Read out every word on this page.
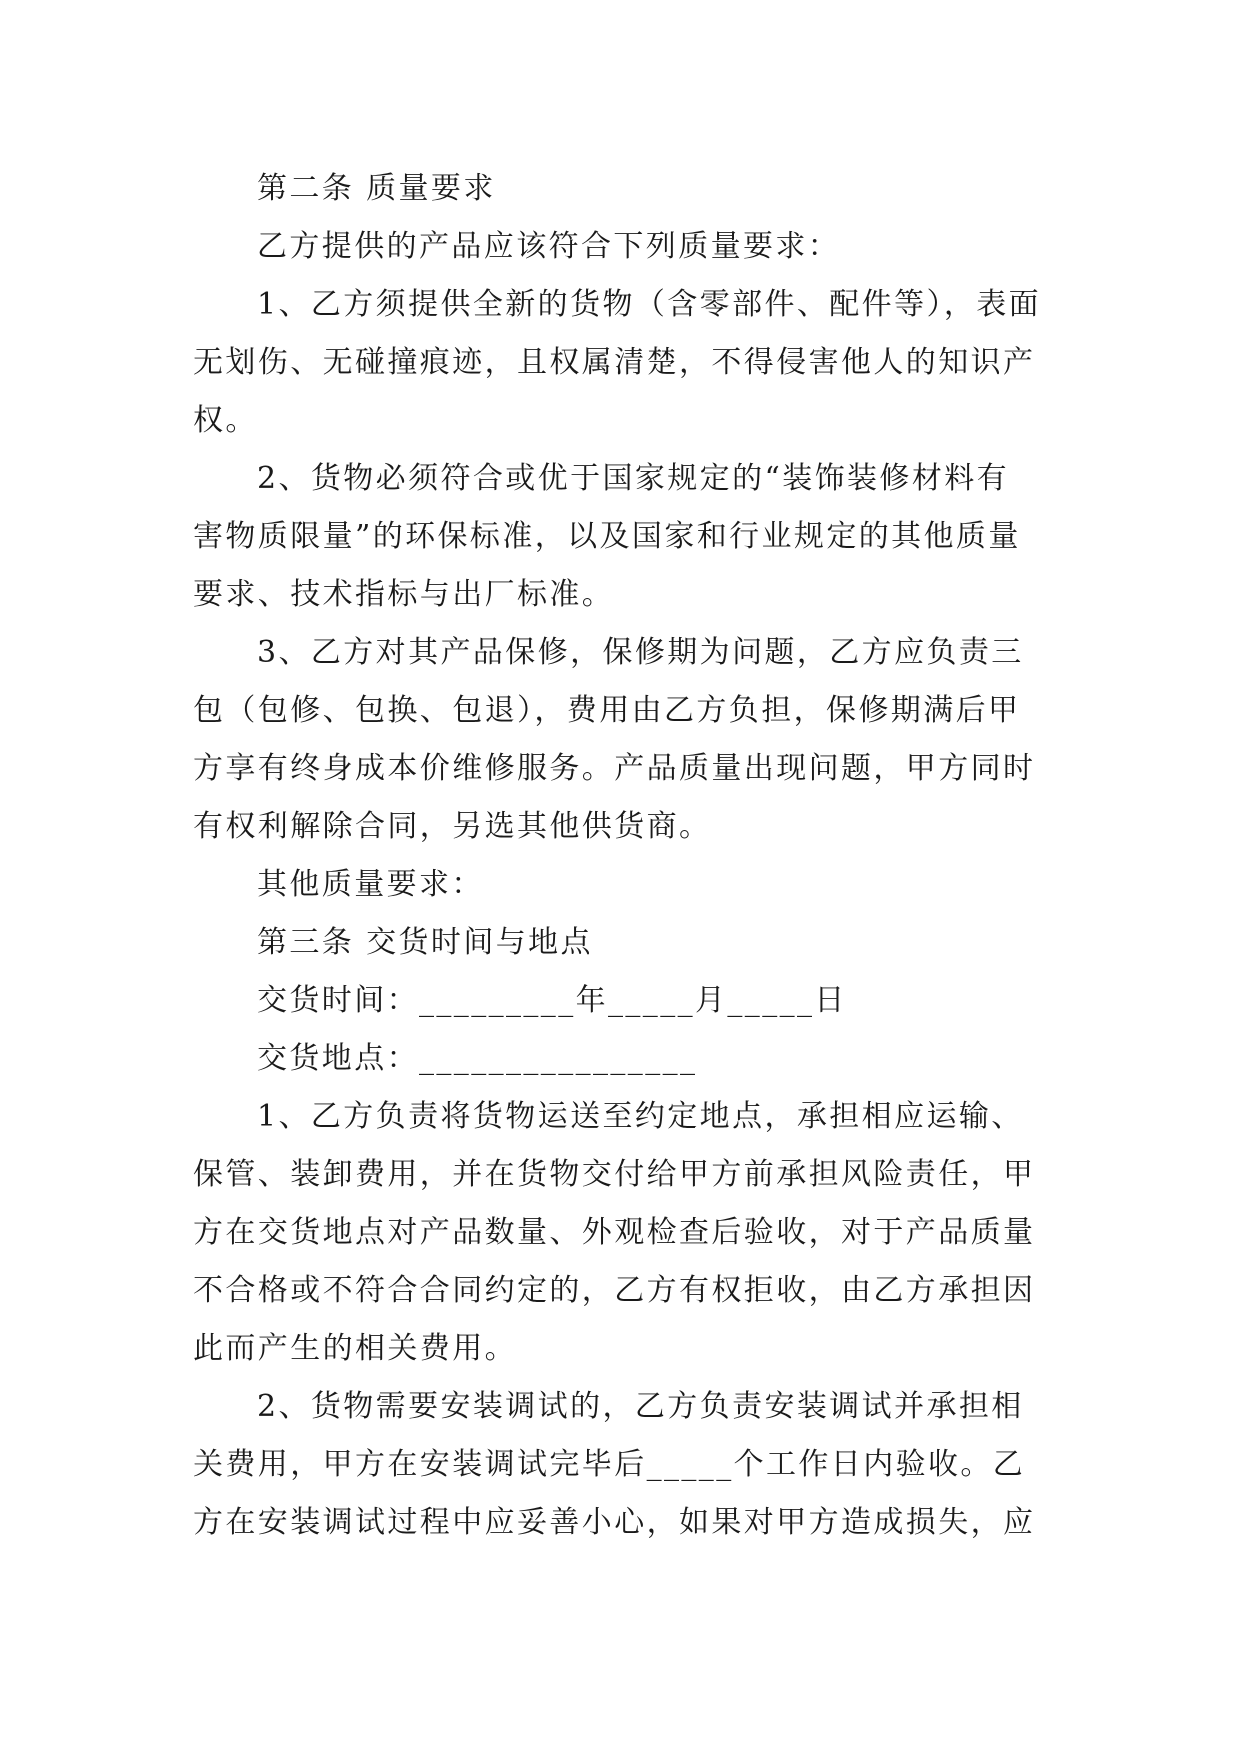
第二条 质量要求

乙方提供的产品应该符合下列质量要求：

1、乙方须提供全新的货物（含零部件、配件等），表面

无划伤、无碰撞痕迹，且权属清楚，不得侵害他人的知识产

权。

2、货物必须符合或优于国家规定的“装饰装修材料有

害物质限量”的环保标准，以及国家和行业规定的其他质量

要求、技术指标与出厂标准。

3、乙方对其产品保修，保修期为问题，乙方应负责三

包（包修、包换、包退），费用由乙方负担，保修期满后甲

方享有终身成本价维修服务。产品质量出现问题，甲方同时

有权利解除合同，另选其他供货商。

其他质量要求：

第三条 交货时间与地点

交货时间：_________年_____月_____日

交货地点：________________

1、乙方负责将货物运送至约定地点，承担相应运输、

保管、装卸费用，并在货物交付给甲方前承担风险责任，甲

方在交货地点对产品数量、外观检查后验收，对于产品质量

不合格或不符合合同约定的，乙方有权拒收，由乙方承担因

此而产生的相关费用。

2、货物需要安装调试的，乙方负责安装调试并承担相

关费用，甲方在安装调试完毕后_____个工作日内验收。乙

方在安装调试过程中应妥善小心，如果对甲方造成损失，应
